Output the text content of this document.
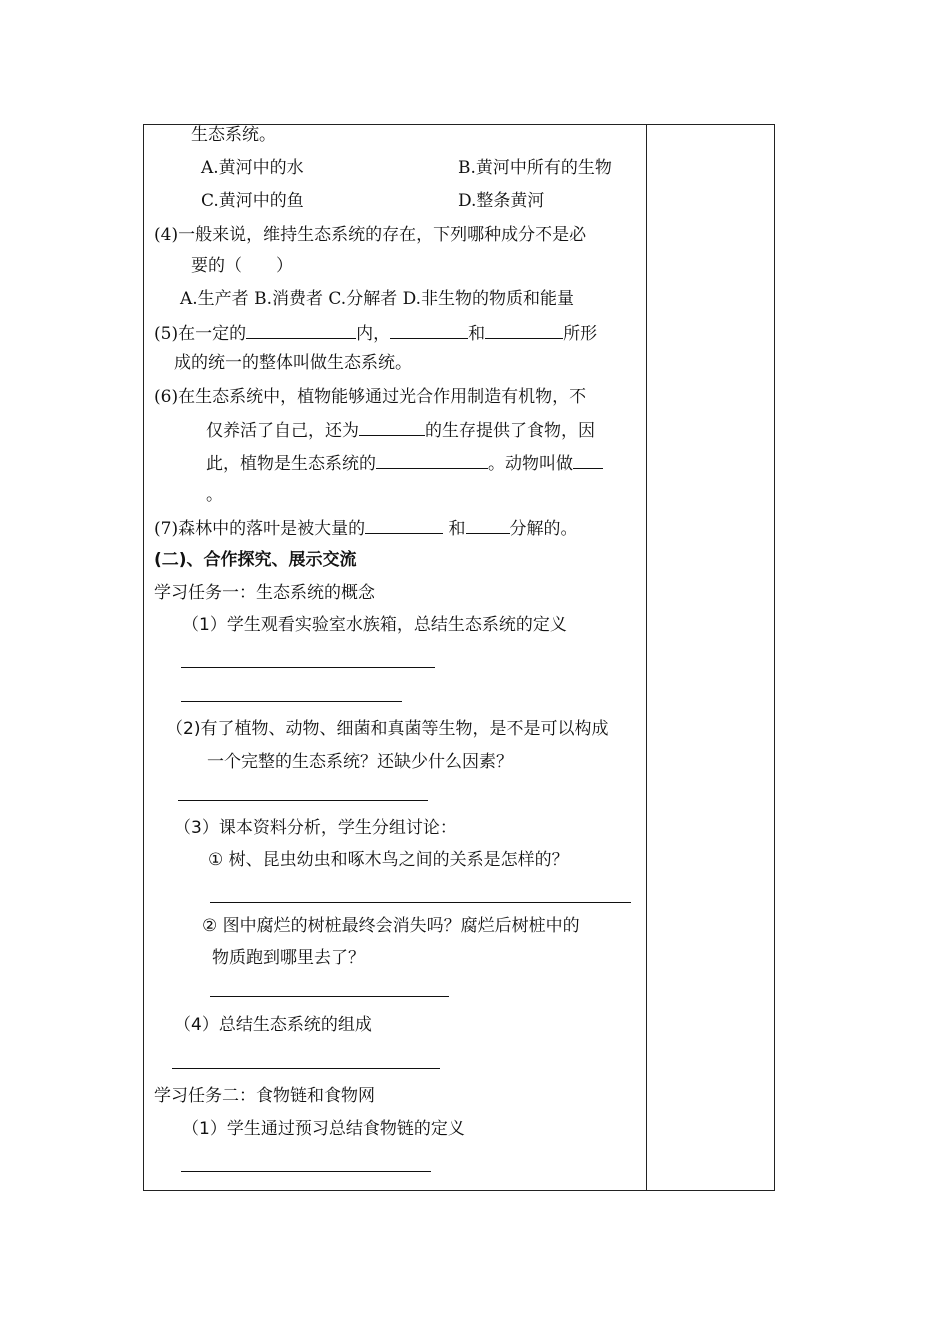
生态系统。
A.黄河中的水	B.黄河中所有的生物
C.黄河中的鱼	D.整条黄河
(4)一般来说，维持生态系统的存在，下列哪种成分不是必
要的（　　）
A.生产者 B.消费者 C.分解者 D.非生物的物质和能量
(5)在一定的	内，	和	所形
成的统一的整体叫做生态系统。
(6)在生态系统中，植物能够通过光合作用制造有机物，不
仅养活了自己，还为	的生存提供了食物，因
此，植物是生态系统的	。动物叫做
。
(7)森林中的落叶是被大量的	和	分解的。
(二)、合作探究、展示交流
学习任务一：生态系统的概念
（1）学生观看实验室水族箱，总结生态系统的定义
（2)有了植物、动物、细菌和真菌等生物，是不是可以构成
一个完整的生态系统？还缺少什么因素？
（3）课本资料分析，学生分组讨论：
① 树、昆虫幼虫和啄木鸟之间的关系是怎样的？
② 图中腐烂的树桩最终会消失吗？腐烂后树桩中的
物质跑到哪里去了？
（4）总结生态系统的组成
学习任务二：食物链和食物网
（1）学生通过预习总结食物链的定义
